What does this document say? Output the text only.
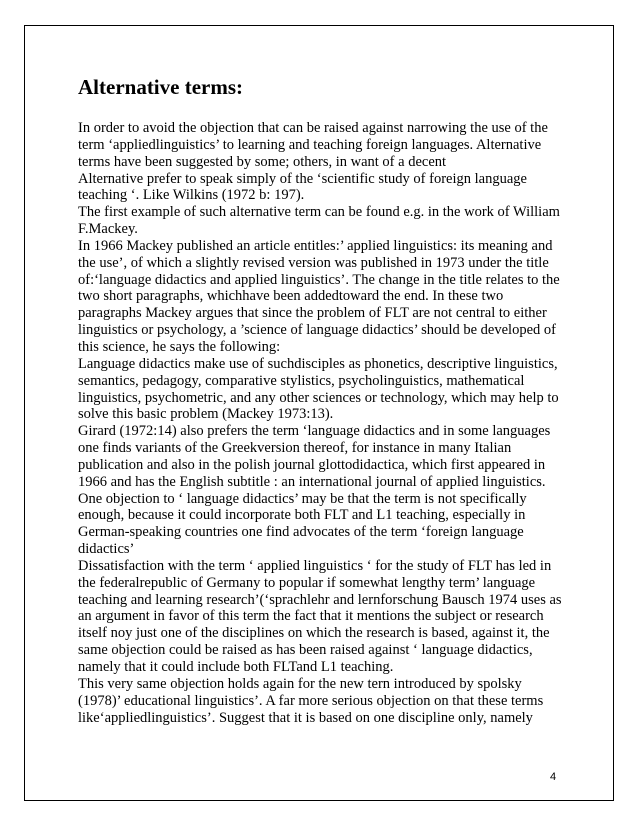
Alternative terms:
In order to avoid the objection that can be raised against narrowing the use of the
term ‘appliedlinguistics’ to learning and teaching foreign languages. Alternative
terms have been suggested by some; others, in want of a decent
Alternative prefer to speak simply of the ‘scientific study of foreign language
teaching ‘. Like Wilkins (1972 b: 197).
The first example of such alternative term can be found e.g. in the work of William
F.Mackey.
In 1966 Mackey published an article entitles:’ applied linguistics: its meaning and
the use’, of which a slightly revised version was published in 1973 under the title
of:‘language didactics and applied linguistics’. The change in the title relates to the
two short paragraphs, whichhave been addedtoward the end. In these two
paragraphs Mackey argues that since the problem of FLT are not central to either
linguistics or psychology, a ’science of language didactics’ should be developed of
this science, he says the following:
Language didactics make use of suchdisciples as phonetics, descriptive linguistics,
semantics, pedagogy, comparative stylistics, psycholinguistics, mathematical
linguistics, psychometric, and any other sciences or technology, which may help to
solve this basic problem (Mackey 1973:13).
Girard (1972:14) also prefers the term ‘language didactics and in some languages
one finds variants of the Greekversion thereof, for instance in many Italian
publication and also in the polish journal glottodidactica, which first appeared in
1966 and has the English subtitle : an international journal of applied linguistics.
One objection to ‘ language didactics’ may be that the term is not specifically
enough, because it could incorporate both FLT and L1 teaching, especially in
German-speaking countries one find advocates of the term ‘foreign language
didactics’
Dissatisfaction with the term ‘ applied linguistics ‘ for the study of FLT has led in
the federalrepublic of Germany to popular if somewhat lengthy term’ language
teaching and learning research’(‘sprachlehr and lernforschung Bausch 1974 uses as
an argument in favor of this term the fact that it mentions the subject or research
itself noy just one of the disciplines on which the research is based, against it, the
same objection could be raised as has been raised against ‘ language didactics,
namely that it could include both FLTand L1 teaching.
This very same objection holds again for the new tern introduced by spolsky
(1978)’ educational linguistics’. A far more serious objection on that these terms
like‘appliedlinguistics’. Suggest that it is based on one discipline only, namely
4
